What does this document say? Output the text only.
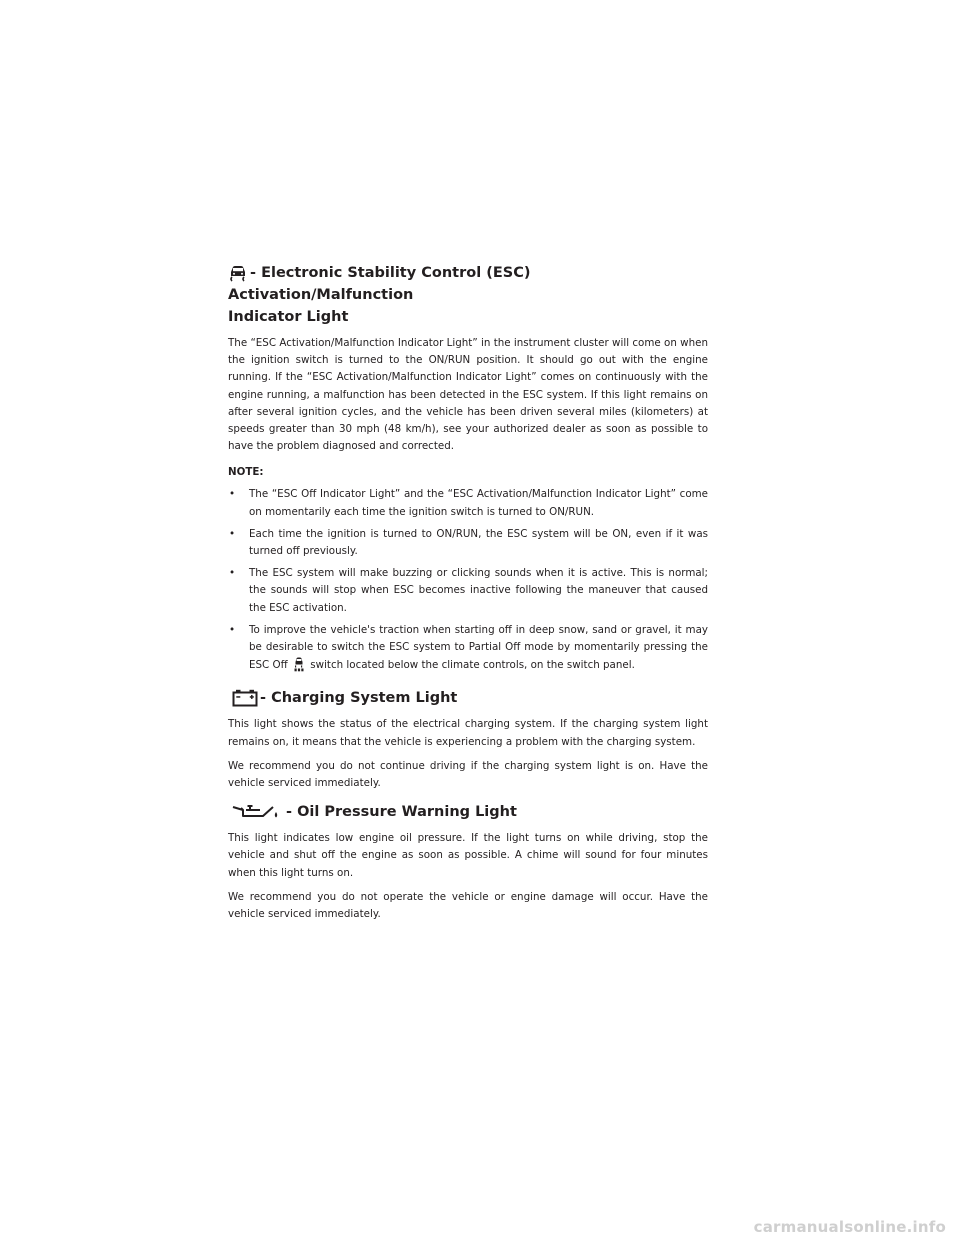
- Electronic Stability Control (ESC) Activation/Malfunction
Indicator Light

The “ESC Activation/Malfunction Indicator Light” in the instrument cluster will come on when the ignition switch is turned to the ON/RUN position. It should go out with the engine running. If the “ESC Activation/Malfunction Indicator Light” comes on continuously with the engine running, a malfunction has been detected in the ESC system. If this light remains on after several ignition cycles, and the vehicle has been driven several miles (kilometers) at speeds greater than 30 mph (48 km/h), see your authorized dealer as soon as possible to have the problem diagnosed and corrected.

NOTE:
• The “ESC Off Indicator Light” and the “ESC Activation/Malfunction Indicator Light” come on momentarily each time the ignition switch is turned to ON/RUN.
• Each time the ignition is turned to ON/RUN, the ESC system will be ON, even if it was turned off previously.
• The ESC system will make buzzing or clicking sounds when it is active. This is normal; the sounds will stop when ESC becomes inactive following the maneuver that caused the ESC activation.
• To improve the vehicle's traction when starting off in deep snow, sand or gravel, it may be desirable to switch the ESC system to Partial Off mode by momentarily pressing the ESC Off switch located below the climate controls, on the switch panel.
- Charging System Light

This light shows the status of the electrical charging system. If the charging system light remains on, it means that the vehicle is experiencing a problem with the charging system.

We recommend you do not continue driving if the charging system light is on. Have the vehicle serviced immediately.

- Oil Pressure Warning Light

This light indicates low engine oil pressure. If the light turns on while driving, stop the vehicle and shut off the engine as soon as possible. A chime will sound for four minutes when this light turns on.

We recommend you do not operate the vehicle or engine damage will occur. Have the vehicle serviced immediately.

carmanualsonline.info
